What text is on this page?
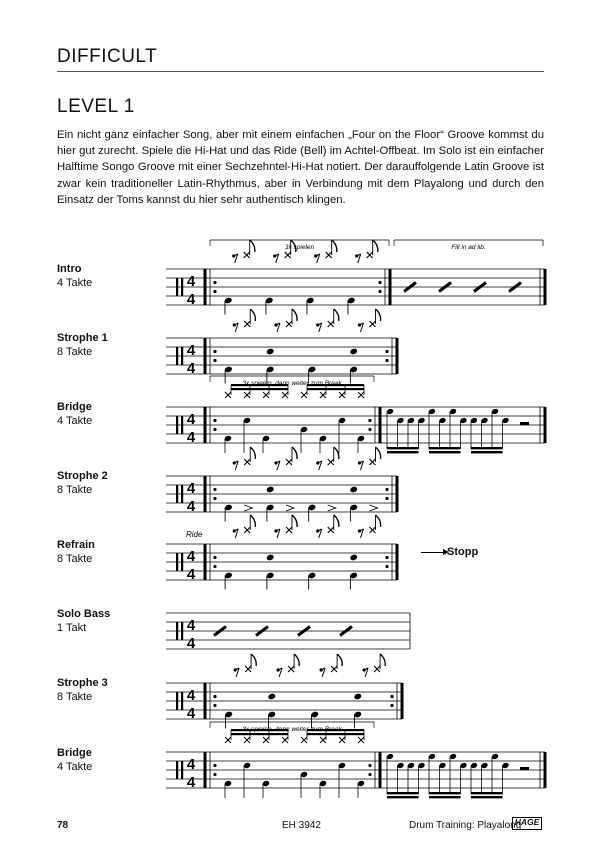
DIFFICULT
LEVEL 1

Ein nicht ganz einfacher Song, aber mit einem einfachen „Four on the Floor“ Groove kommst du hier gut zurecht. Spiele die Hi-Hat und das Ride (Bell) im Achtel-Offbeat. Im Solo ist ein einfacher Halftime Songo Groove mit einer Sechzehntel-Hi-Hat notiert. Der darauffolgende Latin Groove ist zwar kein traditioneller Latin-Rhythmus, aber in Verbindung mit dem Playalong und durch den Einsatz der Toms kannst du hier sehr authentisch klingen.

Intro
4 Takte
Strophe 1
8 Takte
Bridge
4 Takte
Strophe 2
8 Takte
Refrain
8 Takte
Solo Bass
1 Takt
Strophe 3
8 Takte
Bridge
4 Takte
4
4
3x spielen	Fill in ad lib.
4
4
4
4
3x spielen, dann weiter zum Break
4
4
4
4
Ride
4
4
4
4
4
4
3x spielen, dann weiter zum Break
Stopp
78	EH 3942	Drum Training: Playalong
HAGE
